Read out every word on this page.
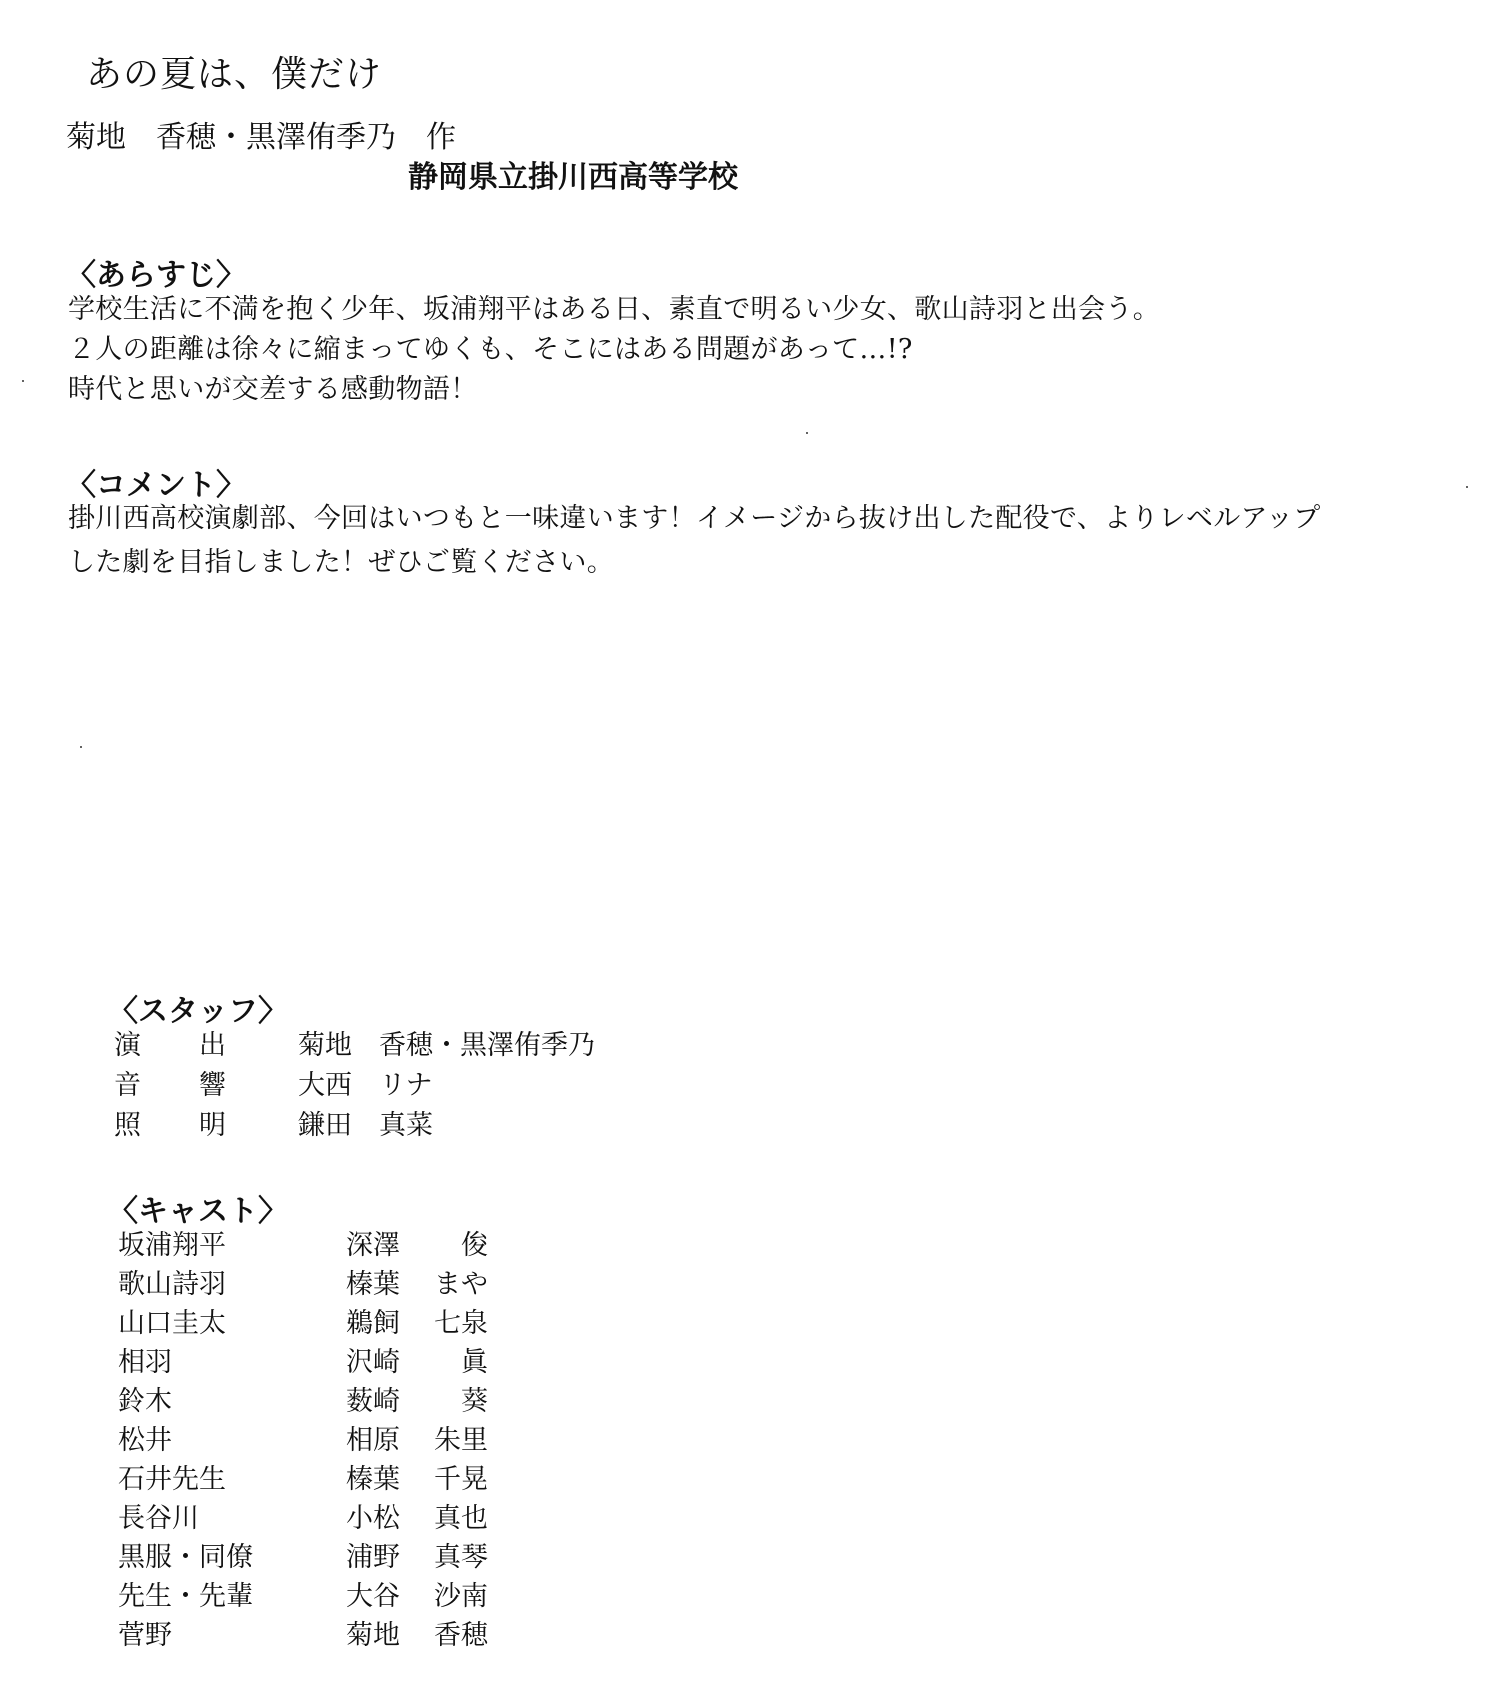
あの夏は、僕だけ
菊地　香穂・黒澤侑季乃　作
静岡県立掛川西高等学校
〈あらすじ〉
学校生活に不満を抱く少年、坂浦翔平はある日、素直で明るい少女、歌山詩羽と出会う。
２人の距離は徐々に縮まってゆくも、そこにはある問題があって…!?
時代と思いが交差する感動物語！
〈コメント〉
掛川西高校演劇部、今回はいつもと一味違います！イメージから抜け出した配役で、よりレベルアップ
した劇を目指しました！ぜひご覧ください。
〈スタッフ〉
演 出	菊地　香穂・黒澤侑季乃
音 響	大西　リナ
照 明	鎌田　真菜
〈キャスト〉
坂浦翔平	深澤 俊
歌山詩羽	榛葉 まや
山口圭太	鵜飼 七泉
相羽	沢崎 眞
鈴木	薮崎 葵
松井	相原 朱里
石井先生	榛葉 千晃
長谷川	小松 真也
黒服・同僚	浦野 真琴
先生・先輩	大谷 沙南
菅野	菊地 香穂
